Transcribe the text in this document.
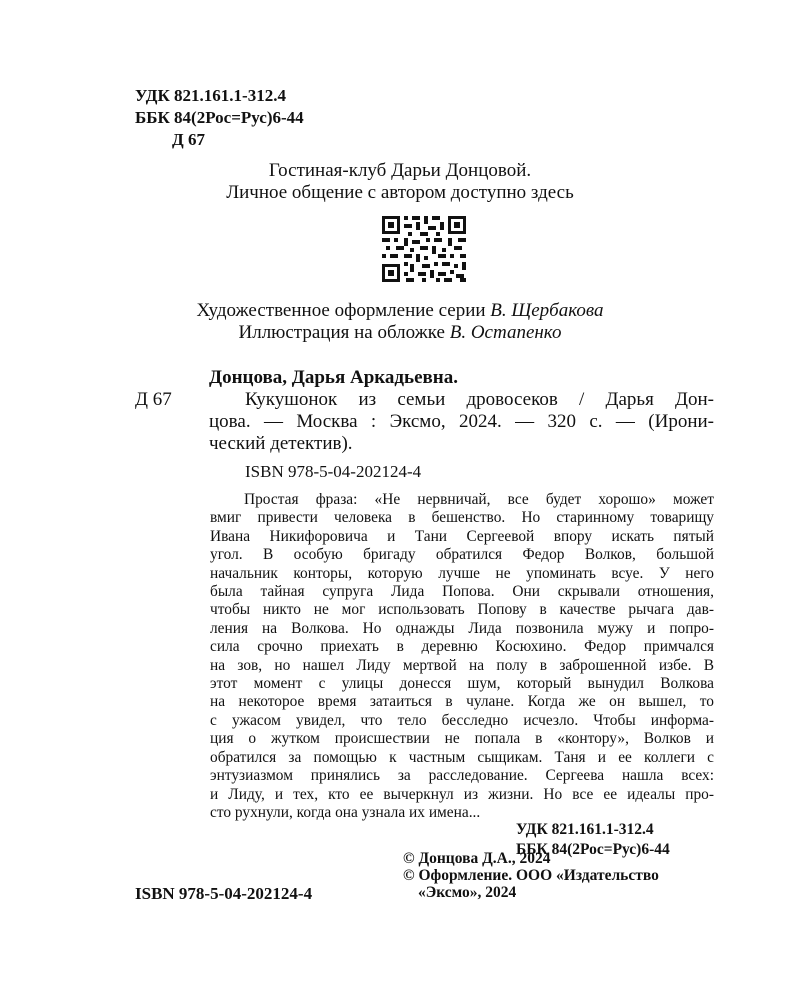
УДК 821.161.1-312.4
ББК 84(2Рос=Рус)6-44
Д 67
Гостиная-клуб Дарьи Донцовой.
Личное общение с автором доступно здесь
Художественное оформление серии В. Щербакова
Иллюстрация на обложке В. Остапенко
Донцова, Дарья Аркадьевна.
Д 67	Кукушонок из семьи дровосеков / Дарья Дон-

цова. — Москва : Эксмо, 2024. — 320 с. — (Ирони-

ческий детектив).

ISBN 978-5-04-202124-4

Простая фраза: «Не нервничай, все будет хорошо» может

вмиг привести человека в бешенство. Но старинному товарищу

Ивана Никифоровича и Тани Сергеевой впору искать пятый

угол. В особую бригаду обратился Федор Волков, большой

начальник конторы, которую лучше не упоминать всуе. У него

была тайная супруга Лида Попова. Они скрывали отношения,

чтобы никто не мог использовать Попову в качестве рычага дав-

ления на Волкова. Но однажды Лида позвонила мужу и попро-

сила срочно приехать в деревню Косюхино. Федор примчался

на зов, но нашел Лиду мертвой на полу в заброшенной избе. В

этот момент с улицы донесся шум, который вынудил Волкова

на некоторое время затаиться в чулане. Когда же он вышел, то

с ужасом увидел, что тело бесследно исчезло. Чтобы информа-

ция о жутком происшествии не попала в «контору», Волков и

обратился за помощью к частным сыщикам. Таня и ее коллеги с

энтузиазмом принялись за расследование. Сергеева нашла всех:

и Лиду, и тех, кто ее вычеркнул из жизни. Но все ее идеалы про-

сто рухнули, когда она узнала их имена...

УДК 821.161.1-312.4
ББК 84(2Рос=Рус)6-44
© Донцова Д.А., 2024
© Оформление. ООО «Издательство
«Эксмо», 2024
ISBN 978-5-04-202124-4
